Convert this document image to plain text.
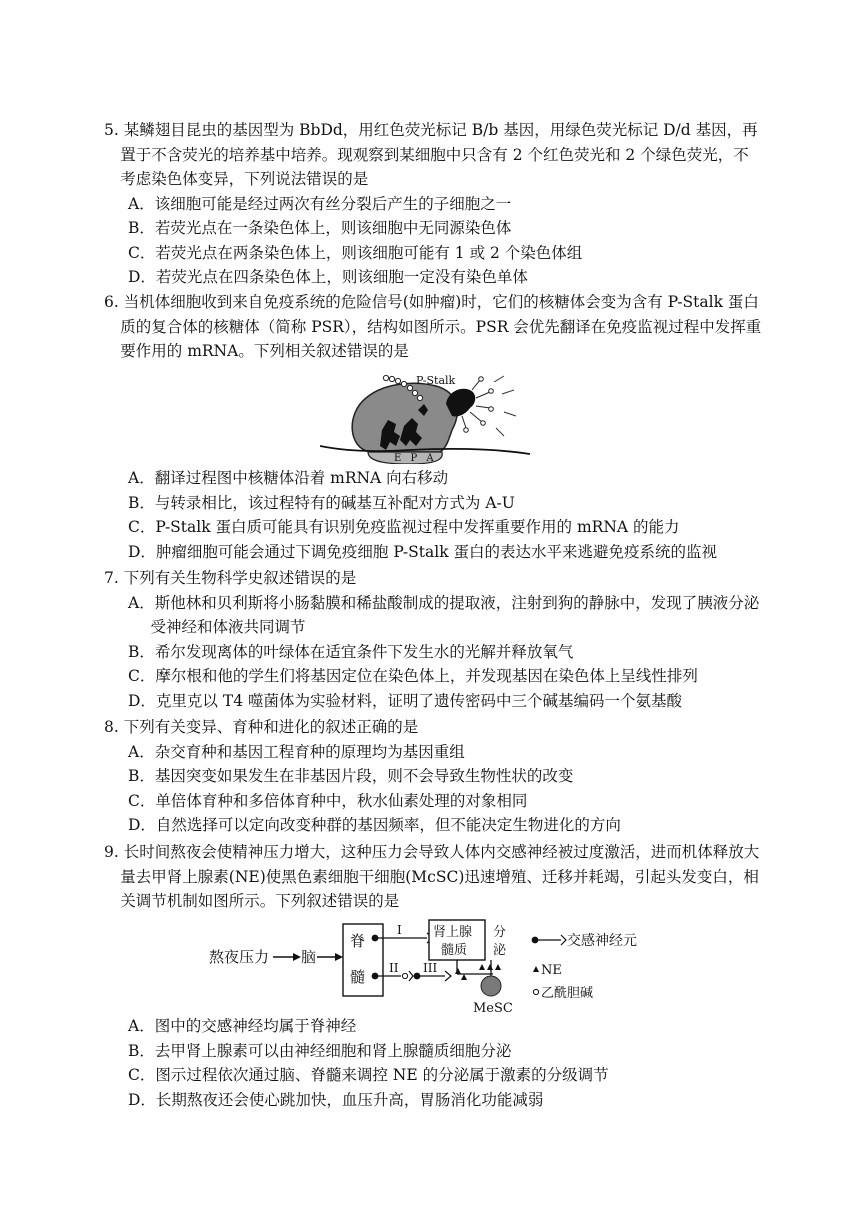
5. 某鳞翅目昆虫的基因型为 BbDd，用红色荧光标记 B/b 基因，用绿色荧光标记 D/d 基因，再置于不含荧光的培养基中培养。现观察到某细胞中只含有 2 个红色荧光和 2 个绿色荧光，不考虑染色体变异，下列说法错误的是

A．该细胞可能是经过两次有丝分裂后产生的子细胞之一

B．若荧光点在一条染色体上，则该细胞中无同源染色体

C．若荧光点在两条染色体上，则该细胞可能有 1 或 2 个染色体组

D．若荧光点在四条染色体上，则该细胞一定没有染色单体

6. 当机体细胞收到来自免疫系统的危险信号(如肿瘤)时，它们的核糖体会变为含有 P-Stalk 蛋白质的复合体的核糖体（简称 PSR），结构如图所示。PSR 会优先翻译在免疫监视过程中发挥重要作用的 mRNA。下列相关叙述错误的是

P-Stalk
E P A

A．翻译过程图中核糖体沿着 mRNA 向右移动

B．与转录相比，该过程特有的碱基互补配对方式为 A-U

C．P-Stalk 蛋白质可能具有识别免疫监视过程中发挥重要作用的 mRNA 的能力

D．肿瘤细胞可能会通过下调免疫细胞 P-Stalk 蛋白的表达水平来逃避免疫系统的监视

7. 下列有关生物科学史叙述错误的是

A．斯他林和贝利斯将小肠黏膜和稀盐酸制成的提取液，注射到狗的静脉中，发现了胰液分泌受神经和体液共同调节

B．希尔发现离体的叶绿体在适宜条件下发生水的光解并释放氧气

C．摩尔根和他的学生们将基因定位在染色体上，并发现基因在染色体上呈线性排列

D．克里克以 T4 噬菌体为实验材料，证明了遗传密码中三个碱基编码一个氨基酸

8. 下列有关变异、育种和进化的叙述正确的是

A．杂交育种和基因工程育种的原理均为基因重组

B．基因突变如果发生在非基因片段，则不会导致生物性状的改变

C．单倍体育种和多倍体育种中，秋水仙素处理的对象相同

D．自然选择可以定向改变种群的基因频率，但不能决定生物进化的方向

9. 长时间熬夜会使精神压力增大，这种压力会导致人体内交感神经被过度激活，进而机体释放大量去甲肾上腺素(NE)使黑色素细胞干细胞(McSC)迅速增殖、迁移并耗竭，引起头发变白，相关调节机制如图所示。下列叙述错误的是

熬夜压力 脑
脊
髓
I 肾上腺
髓质
分
泌
II III
MeSC
交感神经元
NE
乙酰胆碱

A．图中的交感神经均属于脊神经

B．去甲肾上腺素可以由神经细胞和肾上腺髓质细胞分泌

C．图示过程依次通过脑、脊髓来调控 NE 的分泌属于激素的分级调节

D．长期熬夜还会使心跳加快，血压升高，胃肠消化功能减弱
